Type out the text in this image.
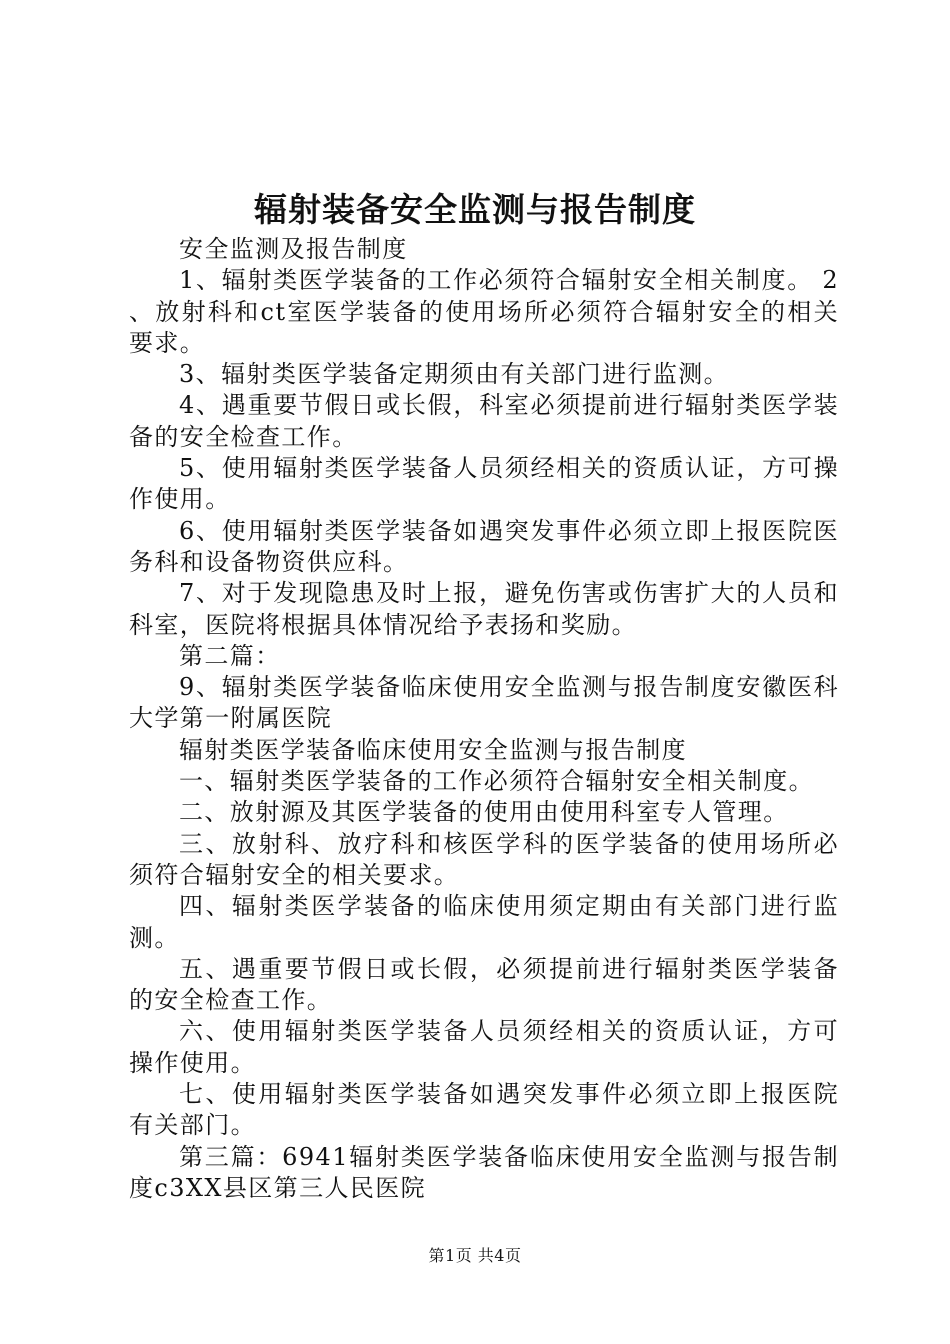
辐射装备安全监测与报告制度

安全监测及报告制度

1、辐射类医学装备的工作必须符合辐射安全相关制度。 2 、放射科和ct室医学装备的使用场所必须符合辐射安全的相关要求。

3、辐射类医学装备定期须由有关部门进行监测。

4、遇重要节假日或长假，科室必须提前进行辐射类医学装备的安全检查工作。

5、使用辐射类医学装备人员须经相关的资质认证，方可操作使用。

6、使用辐射类医学装备如遇突发事件必须立即上报医院医务科和设备物资供应科。

7、对于发现隐患及时上报，避免伤害或伤害扩大的人员和科室，医院将根据具体情况给予表扬和奖励。

第二篇：

9、辐射类医学装备临床使用安全监测与报告制度安徽医科大学第一附属医院

辐射类医学装备临床使用安全监测与报告制度

一、辐射类医学装备的工作必须符合辐射安全相关制度。

二、放射源及其医学装备的使用由使用科室专人管理。

三、放射科、放疗科和核医学科的医学装备的使用场所必须符合辐射安全的相关要求。

四、辐射类医学装备的临床使用须定期由有关部门进行监测。

五、遇重要节假日或长假，必须提前进行辐射类医学装备的安全检查工作。

六、使用辐射类医学装备人员须经相关的资质认证，方可操作使用。

七、使用辐射类医学装备如遇突发事件必须立即上报医院有关部门。

第三篇：6941辐射类医学装备临床使用安全监测与报告制度c3XX县区第三人民医院

第1页 共4页
